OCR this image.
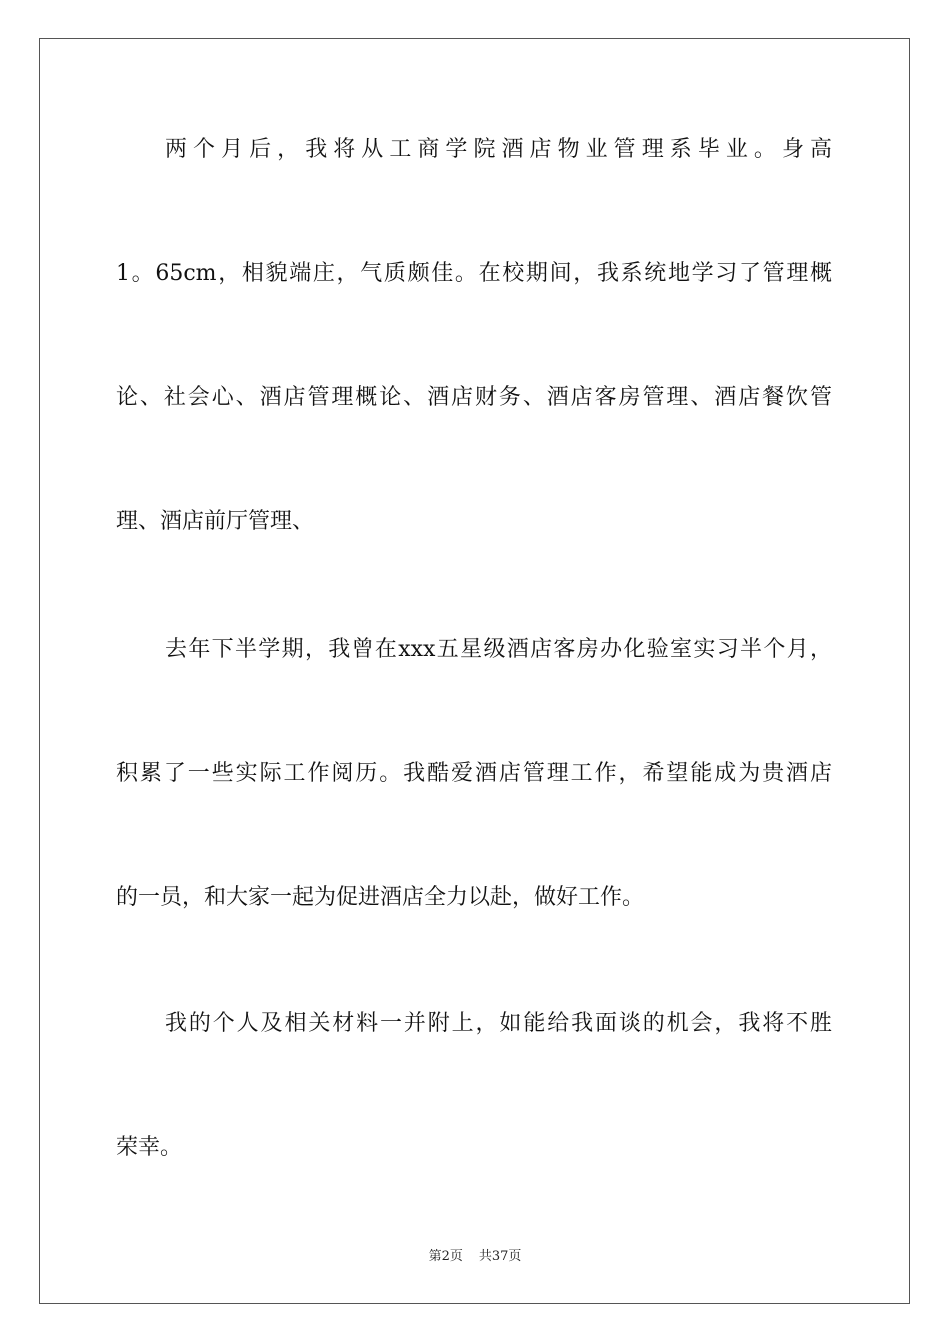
两个月后，我将从工商学院酒店物业管理系毕业。身高

1。65cm，相貌端庄，气质颇佳。在校期间，我系统地学习了管理概

论、社会心、酒店管理概论、酒店财务、酒店客房管理、酒店餐饮管

理、酒店前厅管理、

去年下半学期，我曾在xxx五星级酒店客房办化验室实习半个月，

积累了一些实际工作阅历。我酷爱酒店管理工作，希望能成为贵酒店

的一员，和大家一起为促进酒店全力以赴，做好工作。

我的个人及相关材料一并附上，如能给我面谈的机会，我将不胜

荣幸。

第2页 共37页
